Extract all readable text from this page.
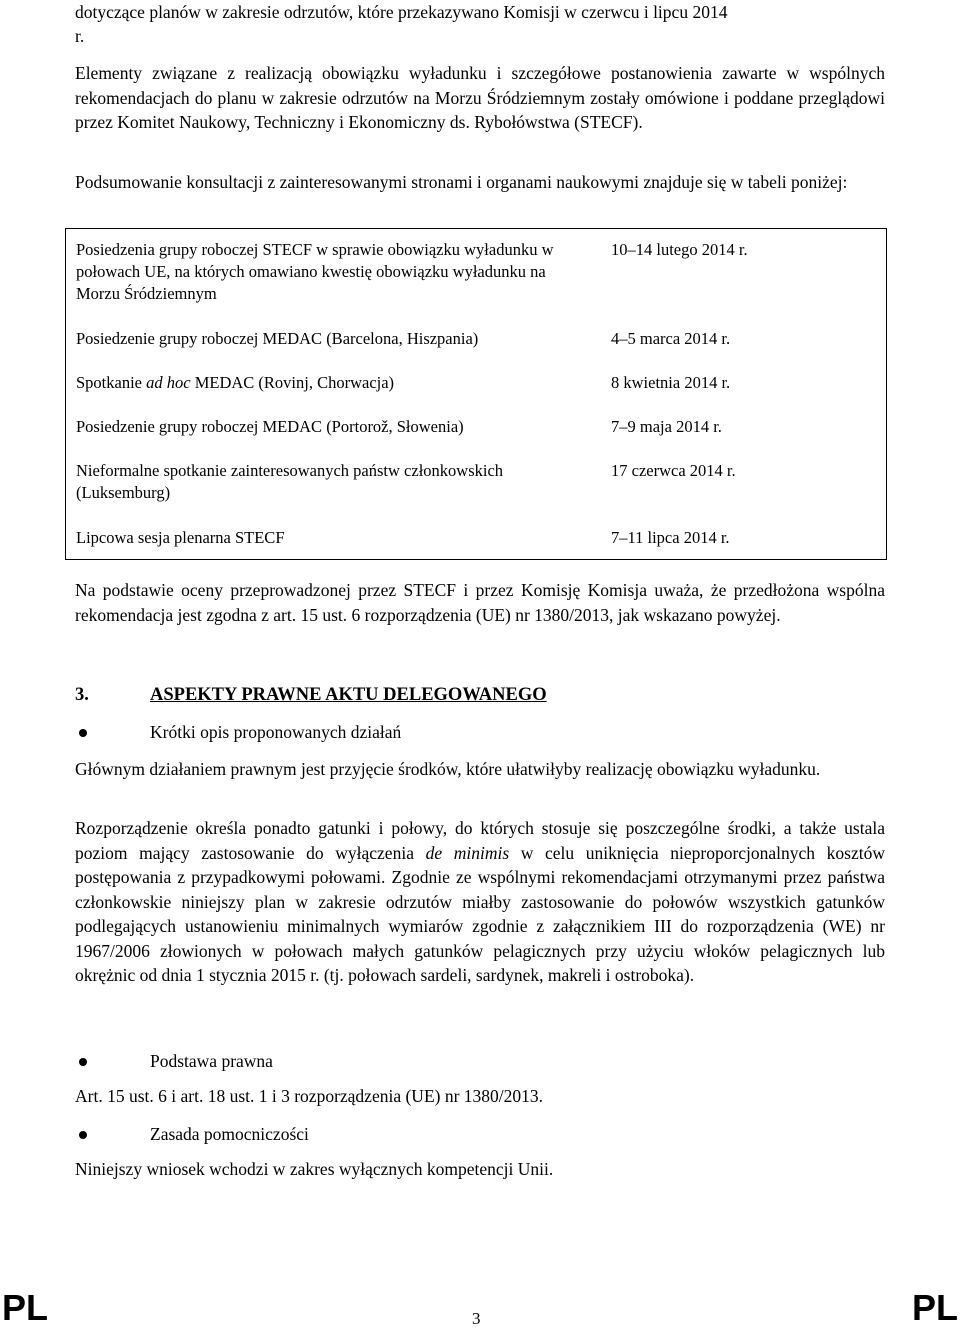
dotyczące planów w zakresie odrzutów, które przekazywano Komisji w czerwcu i lipcu 2014

r.

Elementy związane z realizacją obowiązku wyładunku i szczegółowe postanowienia zawarte w wspólnych rekomendacjach do planu w zakresie odrzutów na Morzu Śródziemnym zostały omówione i poddane przeglądowi przez Komitet Naukowy, Techniczny i Ekonomiczny ds. Rybołówstwa (STECF).

Podsumowanie konsultacji z zainteresowanymi stronami i organami naukowymi znajduje się w tabeli poniżej:

Posiedzenia grupy roboczej STECF w sprawie obowiązku wyładunku w połowach UE, na których omawiano kwestię obowiązku wyładunku na Morzu Śródziemnym	10–14 lutego 2014 r.
Posiedzenie grupy roboczej MEDAC (Barcelona, Hiszpania)	4–5 marca 2014 r.
Spotkanie ad hoc MEDAC (Rovinj, Chorwacja)	8 kwietnia 2014 r.
Posiedzenie grupy roboczej MEDAC (Portorož, Słowenia)	7–9 maja 2014 r.
Nieformalne spotkanie zainteresowanych państw członkowskich (Luksemburg)	17 czerwca 2014 r.
Lipcowa sesja plenarna STECF	7–11 lipca 2014 r.

Na podstawie oceny przeprowadzonej przez STECF i przez Komisję Komisja uważa, że przedłożona wspólna rekomendacja jest zgodna z art. 15 ust. 6 rozporządzenia (UE) nr 1380/2013, jak wskazano powyżej.

3.	ASPEKTY PRAWNE AKTU DELEGOWANEGO
Krótki opis proponowanych działań

Głównym działaniem prawnym jest przyjęcie środków, które ułatwiłyby realizację obowiązku wyładunku.

Rozporządzenie określa ponadto gatunki i połowy, do których stosuje się poszczególne środki, a także ustala poziom mający zastosowanie do wyłączenia de minimis w celu uniknięcia nieproporcjonalnych kosztów postępowania z przypadkowymi połowami. Zgodnie ze wspólnymi rekomendacjami otrzymanymi przez państwa członkowskie niniejszy plan w zakresie odrzutów miałby zastosowanie do połowów wszystkich gatunków podlegających ustanowieniu minimalnych wymiarów zgodnie z załącznikiem III do rozporządzenia (WE) nr 1967/2006 złowionych w połowach małych gatunków pelagicznych przy użyciu włoków pelagicznych lub okrężnic od dnia 1 stycznia 2015 r. (tj. połowach sardeli, sardynek, makreli i ostroboka).

Podstawa prawna

Art. 15 ust. 6 i art. 18 ust. 1 i 3 rozporządzenia (UE) nr 1380/2013.

Zasada pomocniczości

Niniejszy wniosek wchodzi w zakres wyłącznych kompetencji Unii.

PL	3	PL
